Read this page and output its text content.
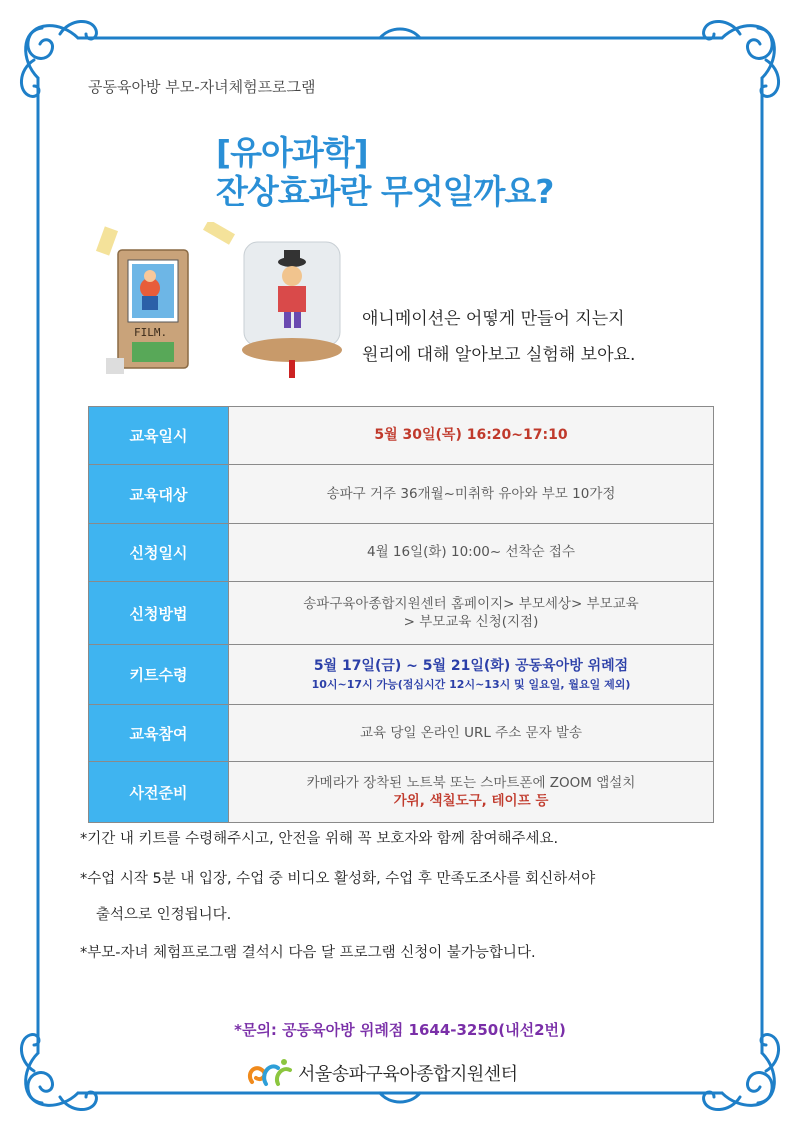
공동육아방 부모-자녀체험프로그램
[유아과학]
잔상효과란 무엇일까요?
FILM.
애니메이션은 어떻게 만들어 지는지
원리에 대해 알아보고 실험해 보아요.
교육일시	5월 30일(목) 16:20~17:10
교육대상	송파구 거주 36개월~미취학 유아와 부모 10가정
신청일시	4월 16일(화) 10:00~ 선착순 접수
신청방법	송파구육아종합지원센터 홈페이지> 부모세상> 부모교육
> 부모교육 신청(지점)

키트수령	5월 17일(금) ~ 5월 21일(화) 공동육아방 위례점
10시~17시 가능(점심시간 12시~13시 및 일요일, 월요일 제외)

교육참여	교육 당일 온라인 URL 주소 문자 발송
사전준비	카메라가 장착된 노트북 또는 스마트폰에 ZOOM 앱설치
가위, 색칠도구, 테이프 등
*기간 내 키트를 수령해주시고, 안전을 위해 꼭 보호자와 함께 참여해주세요.
*수업 시작 5분 내 입장, 수업 중 비디오 활성화, 수업 후 만족도조사를 회신하셔야
출석으로 인정됩니다.
*부모-자녀 체험프로그램 결석시 다음 달 프로그램 신청이 불가능합니다.
*문의: 공동육아방 위례점 1644-3250(내선2번)
서울송파구육아종합지원센터
